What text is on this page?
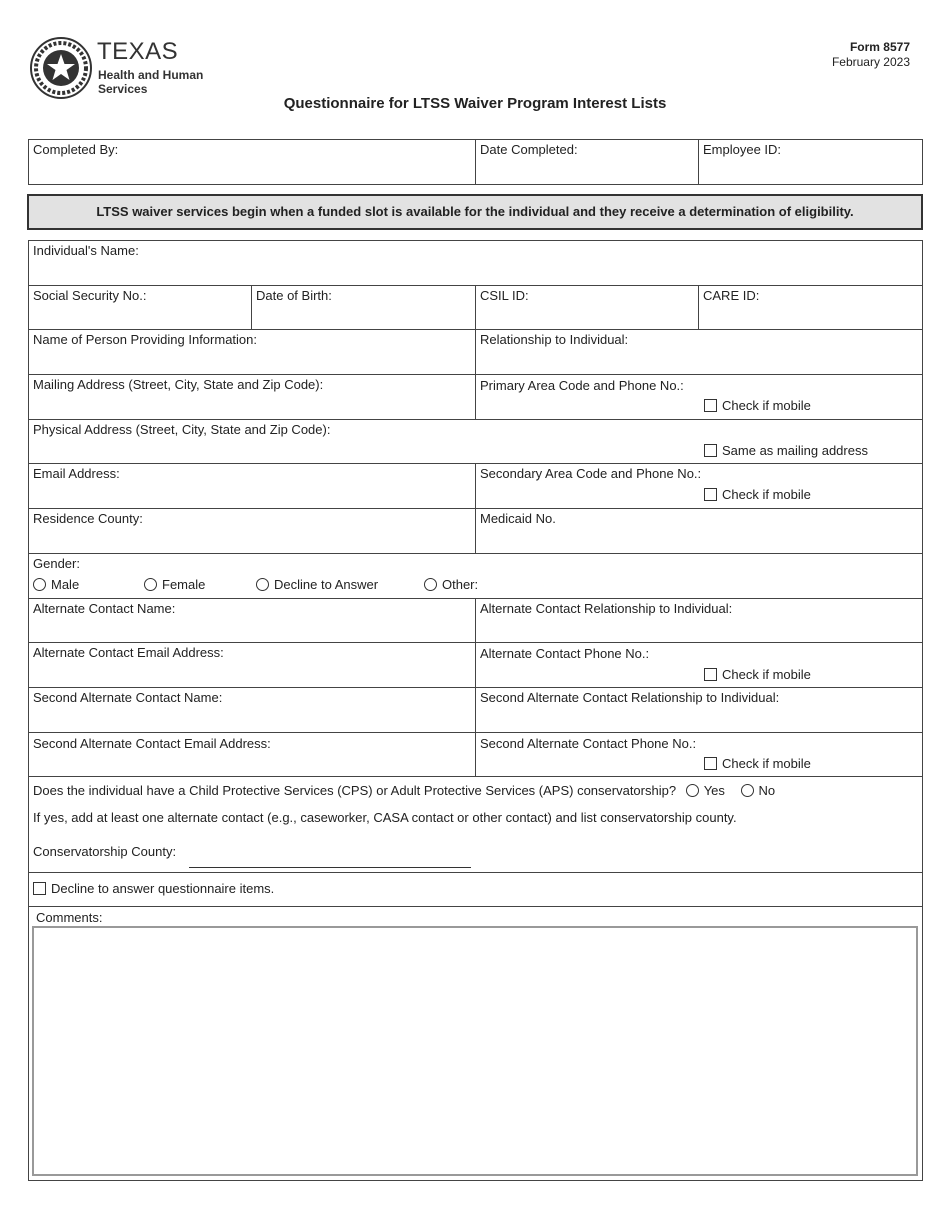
TEXAS
Health and Human
Services
Form 8577
February 2023
Questionnaire for LTSS Waiver Program Interest Lists
Completed By:	Date Completed:	Employee ID:
LTSS waiver services begin when a funded slot is available for the individual and they receive a determination of eligibility.
Individual's Name:
Social Security No.:	Date of Birth:	CSIL ID:	CARE ID:
Name of Person Providing Information:	Relationship to Individual:
Mailing Address (Street, City, State and Zip Code):	Primary Area Code and Phone No.:
Check if mobile
Physical Address (Street, City, State and Zip Code):
Same as mailing address
Email Address:	Secondary Area Code and Phone No.:
Check if mobile
Residence County:	Medicaid No.
Gender:
Male	Female	Decline to Answer	Other:
Alternate Contact Name:	Alternate Contact Relationship to Individual:
Alternate Contact Email Address:	Alternate Contact Phone No.:
Check if mobile
Second Alternate Contact Name:	Second Alternate Contact Relationship to Individual:
Second Alternate Contact Email Address:	Second Alternate Contact Phone No.:
Check if mobile
Does the individual have a Child Protective Services (CPS) or Adult Protective Services (APS) conservatorship? Yes	No
If yes, add at least one alternate contact (e.g., caseworker, CASA contact or other contact) and list conservatorship county.
Conservatorship County:
Decline to answer questionnaire items.
Comments:
